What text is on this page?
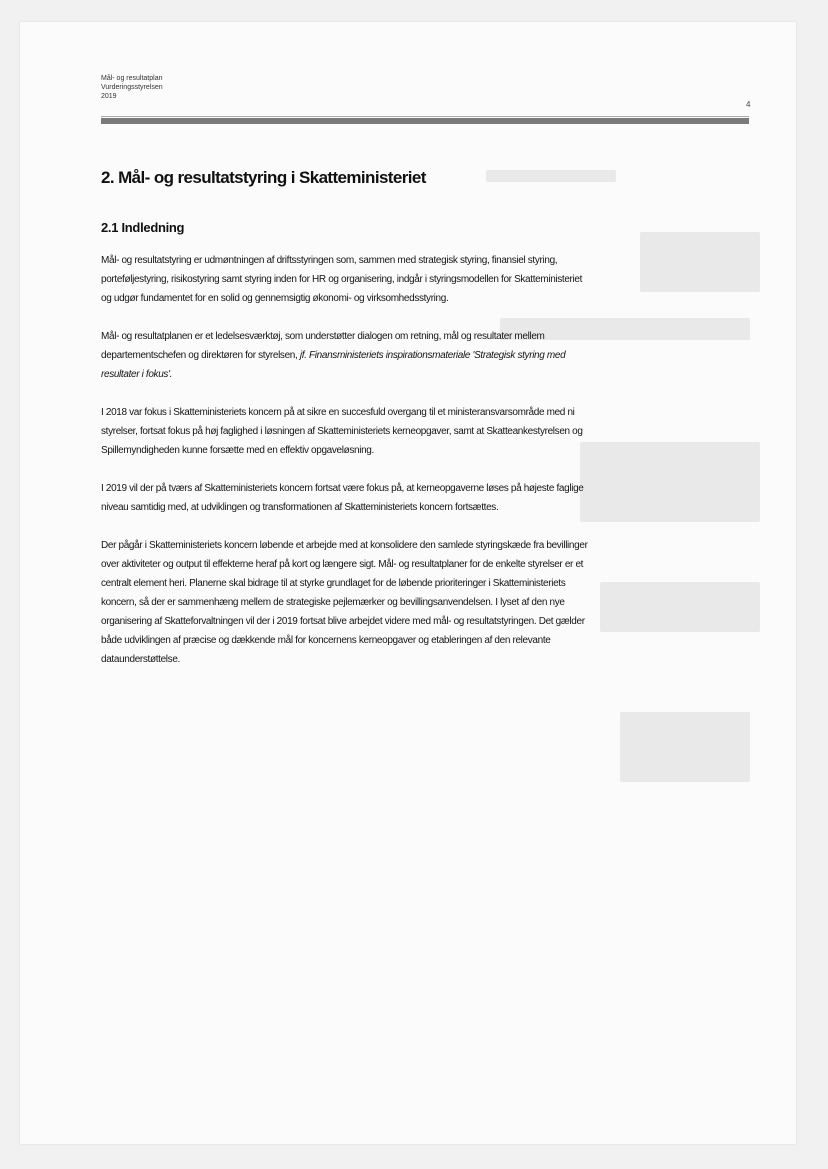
Mål- og resultatplan
Vurderingsstyrelsen
2019
4
2. Mål- og resultatstyring i Skatteministeriet
2.1 Indledning

Mål- og resultatstyring er udmøntningen af driftsstyringen som, sammen med strategisk styring, finansiel styring, porteføljestyring, risikostyring samt styring inden for HR og organisering, indgår i styringsmodellen for Skatteministeriet og udgør fundamentet for en solid og gennemsigtig økonomi- og virksomhedsstyring.

Mål- og resultatplanen er et ledelsesværktøj, som understøtter dialogen om retning, mål og resultater mellem departementschefen og direktøren for styrelsen, jf. Finansministeriets inspirationsmateriale 'Strategisk styring med resultater i fokus'.

I 2018 var fokus i Skatteministeriets koncern på at sikre en succesfuld overgang til et ministeransvarsområde med ni styrelser, fortsat fokus på høj faglighed i løsningen af Skatteministeriets kerneopgaver, samt at Skatteankestyrelsen og Spillemyndigheden kunne forsætte med en effektiv opgaveløsning.

I 2019 vil der på tværs af Skatteministeriets koncern fortsat være fokus på, at kerneopgaverne løses på højeste faglige niveau samtidig med, at udviklingen og transformationen af Skatteministeriets koncern fortsættes.

Der pågår i Skatteministeriets koncern løbende et arbejde med at konsolidere den samlede styringskæde fra bevillinger over aktiviteter og output til effekterne heraf på kort og længere sigt. Mål- og resultatplaner for de enkelte styrelser er et centralt element heri. Planerne skal bidrage til at styrke grundlaget for de løbende prioriteringer i Skatteministeriets koncern, så der er sammenhæng mellem de strategiske pejlemærker og bevillingsanvendelsen. I lyset af den nye organisering af Skatteforvaltningen vil der i 2019 fortsat blive arbejdet videre med mål- og resultatstyringen. Det gælder både udviklingen af præcise og dækkende mål for koncernens kerneopgaver og etableringen af den relevante dataunderstøttelse.
